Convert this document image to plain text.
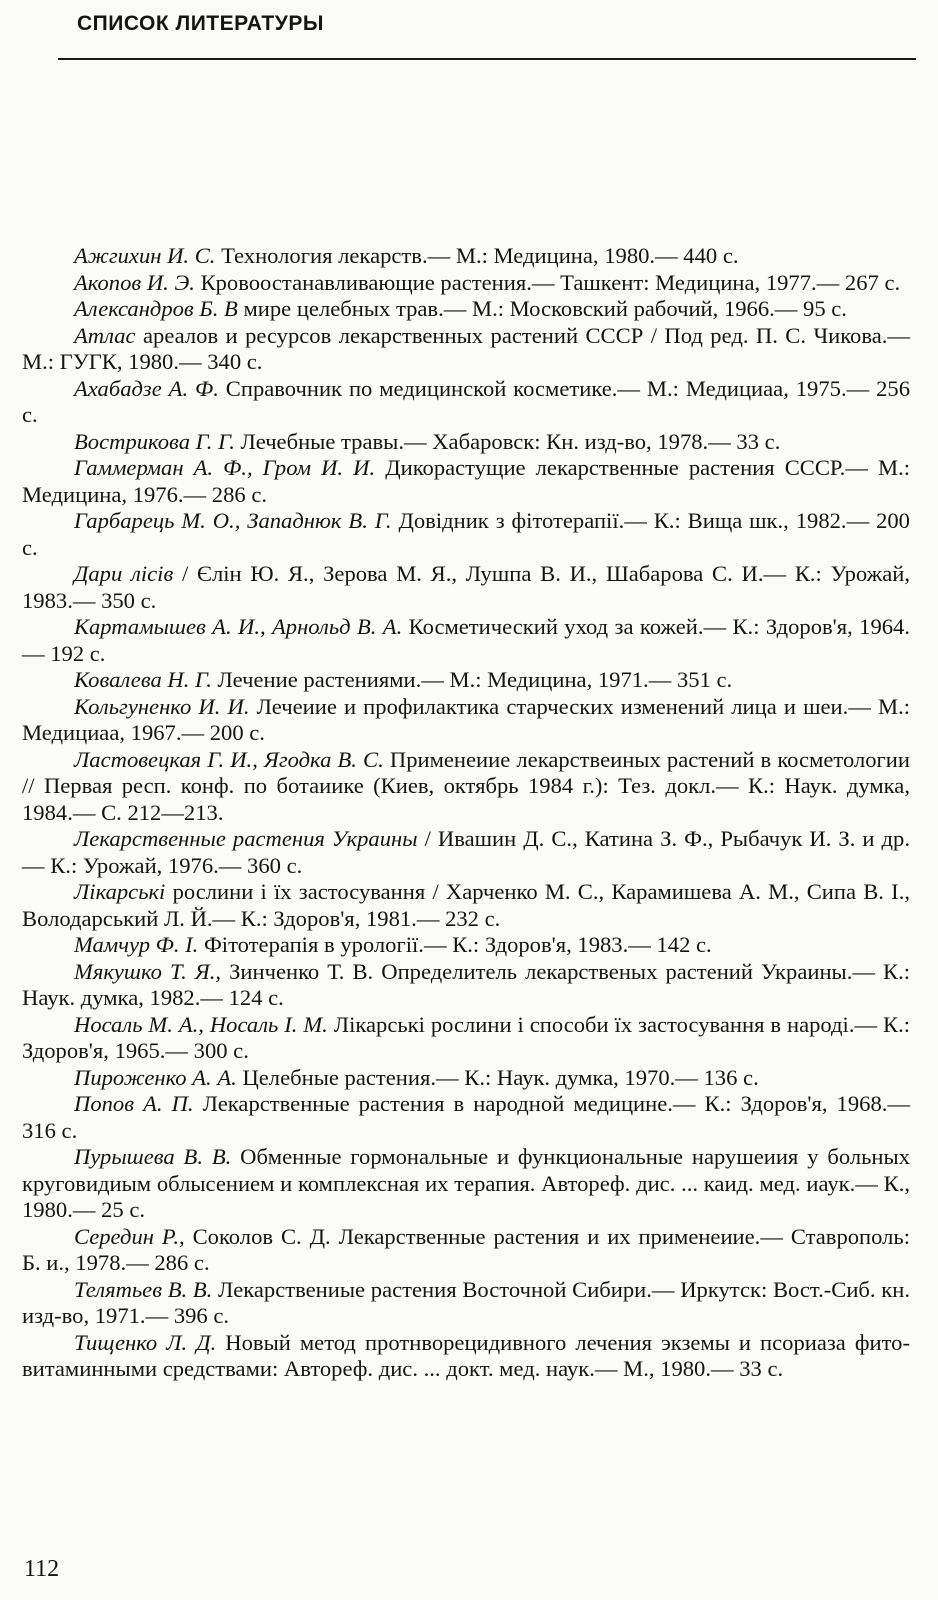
СПИСОК ЛИТЕРАТУРЫ

Ажгихин И. С. Технология лекарств.— М.: Медицина, 1980.— 440 с.

Акопов И. Э. Кровоостанавливающие растения.— Ташкент: Медицина, 1977.— 267 с.

Александров Б. В мире целебных трав.— М.: Московский рабочий, 1966.— 95 с.

Атлас ареалов и ресурсов лекарственных растений СССР / Под ред. П. С. Чикова.— М.: ГУГК, 1980.— 340 с.

Ахабадзе А. Ф. Справочник по медицинской косметике.— М.: Медициаа, 1975.— 256 с.

Вострикова Г. Г. Лечебные травы.— Хабаровск: Кн. изд-во, 1978.— 33 с.

Гаммерман А. Ф., Гром И. И. Дикорастущие лекарственные растения СССР.— М.: Медицина, 1976.— 286 с.

Гарбарець М. О., Западнюк В. Г. Довідник з фітотерапії.— К.: Вища шк., 1982.— 200 с.

Дари лісів / Єлін Ю. Я., Зерова М. Я., Лушпа В. И., Шабарова С. И.— К.: Урожай, 1983.— 350 с.

Картамышев А. И., Арнольд В. А. Косметический уход за кожей.— К.: Здоров'я, 1964.— 192 с.

Ковалева Н. Г. Лечение растениями.— М.: Медицина, 1971.— 351 с.

Кольгуненко И. И. Лечеиие и профилактика старческих изменений лица и шеи.— М.: Медициаа, 1967.— 200 с.

Ластовецкая Г. И., Ягодка В. С. Применеиие лекарствеиных растений в косметологии // Первая респ. конф. по ботаиике (Киев, октябрь 1984 г.): Тез. докл.— К.: Наук. думка, 1984.— С. 212—213.

Лекарственные растения Украины / Ивашин Д. С., Катина З. Ф., Рыбачук И. З. и др.— К.: Урожай, 1976.— 360 с.

Лікарські рослини і їх застосування / Харченко М. С., Карамишева А. М., Сипа В. І., Володарський Л. Й.— К.: Здоров'я, 1981.— 232 с.

Мамчур Ф. І. Фітотерапія в урології.— К.: Здоров'я, 1983.— 142 с.

Мякушко Т. Я., Зинченко Т. В. Определитель лекарственых растений Украины.— К.: Наук. думка, 1982.— 124 с.

Носаль М. А., Носаль І. М. Лікарські рослини і способи їх застосування в народі.— К.: Здоров'я, 1965.— 300 с.

Пироженко А. А. Целебные растения.— К.: Наук. думка, 1970.— 136 с.

Попов А. П. Лекарственные растения в народной медицине.— К.: Здоров'я, 1968.— 316 с.

Пурышева В. В. Обменные гормональные и функциональные нарушеиия у больных круговидиым облысением и комплексная их терапия. Автореф. дис. ... каид. мед. иаук.— К., 1980.— 25 с.

Середин Р., Соколов С. Д. Лекарственные растения и их применеиие.— Ставрополь: Б. и., 1978.— 286 с.

Телятьев В. В. Лекарствениые растения Восточной Сибири.— Иркутск: Вост.-Сиб. кн. изд-во, 1971.— 396 с.

Тищенко Л. Д. Новый метод протнворецидивного лечения экземы и псориаза фито-витаминными средствами: Автореф. дис. ... докт. мед. наук.— М., 1980.— 33 с.

112
